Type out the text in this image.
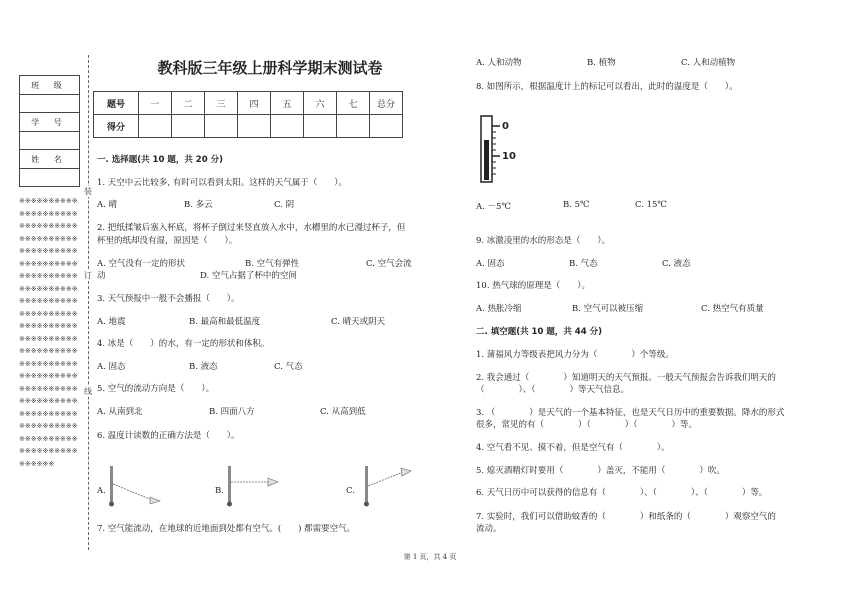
班 级

学 号

姓 名

※※※※※※※※※※※※※※※※※※※※※※※※※※※※※※※※※※※※※※※※※※※※※※※※※※※※※※※※※※※※※※※※※※※※※※※※※※※※※※※※※※※※※※※※※※※※※※※※※※※※※※※※※※※※※※※※※※※※※※※※※※※※※※※※※※※※※※※※※※※※※※※※※※※※※※※※※※※※※※※※※※※※※※※※※※※※※※※※※※※※※※※※※※※※※※※※※※※※※※※※※※※※※※※※※※※※※※※※
装
订
线
教科版三年级上册科学期末测试卷
题号	一	二	三	四	五	六	七	总分
得分								
一. 选择题(共 10 题，共 20 分)
1. 天空中云比较多, 有时可以看到太阳。这样的天气属于（　　）。
A. 晴	B. 多云	C. 阴
2. 把纸揉皱后塞入杯底，将杯子倒过来竖直放入水中，水槽里的水已漫过杯子，但
杯里的纸却没有湿，原因是（　　）。
A. 空气没有一定的形状	B. 空气有弹性	C. 空气会流
动	D. 空气占据了杯中的空间
3. 天气预报中一般不会播报（　　）。
A. 地震	B. 最高和最低温度	C. 晴天或阴天
4. 冰是（　　）的水，有一定的形状和体积。
A. 固态	B. 液态	C. 气态
5. 空气的流动方向是（　　）。
A. 从南到北	B. 四面八方	C. 从高到低
6. 温度计读数的正确方法是（　　）。
A.	B.	C.
7. 空气能流动，在地球的近地面到处都有空气。(　　) 都需要空气。
A. 人和动物	B. 植物	C. 人和动植物
8. 如图所示，根据温度计上的标记可以看出，此时的温度是（　　）。
0
10
A. －5℃	B. 5℃	C. 15℃
9. 冰激凌里的水的形态是（　　）。
A. 固态	B. 气态	C. 液态
10. 热气球的原理是（　　）。
A. 热胀冷缩	B. 空气可以被压缩	C. 热空气有质量
二. 填空题(共 10 题，共 44 分)
1. 蒲福风力等级表把风力分为（　　　　）个等级。
2. 我会通过（　　　　）知道明天的天气预报。一般天气预报会告诉我们明天的
（　　　　）、（　　　　）等天气信息。
3. （　　　　）是天气的一个基本特征，也是天气日历中的重要数据。降水的形式
很多，常见的有（　　　　）（　　　　）（　　　　）等。
4. 空气看不见、摸不着，但是空气有（　　　　）。
5. 熄灭酒精灯时要用（　　　　）盖灭，不能用（　　　　）吹。
6. 天气日历中可以获得的信息有（　　　　）、（　　　　）、（　　　　）等。
7. 实验时，我们可以借助蚊香的（　　　　）和纸条的（　　　　）观察空气的
流动。
第 1 页，共 4 页
